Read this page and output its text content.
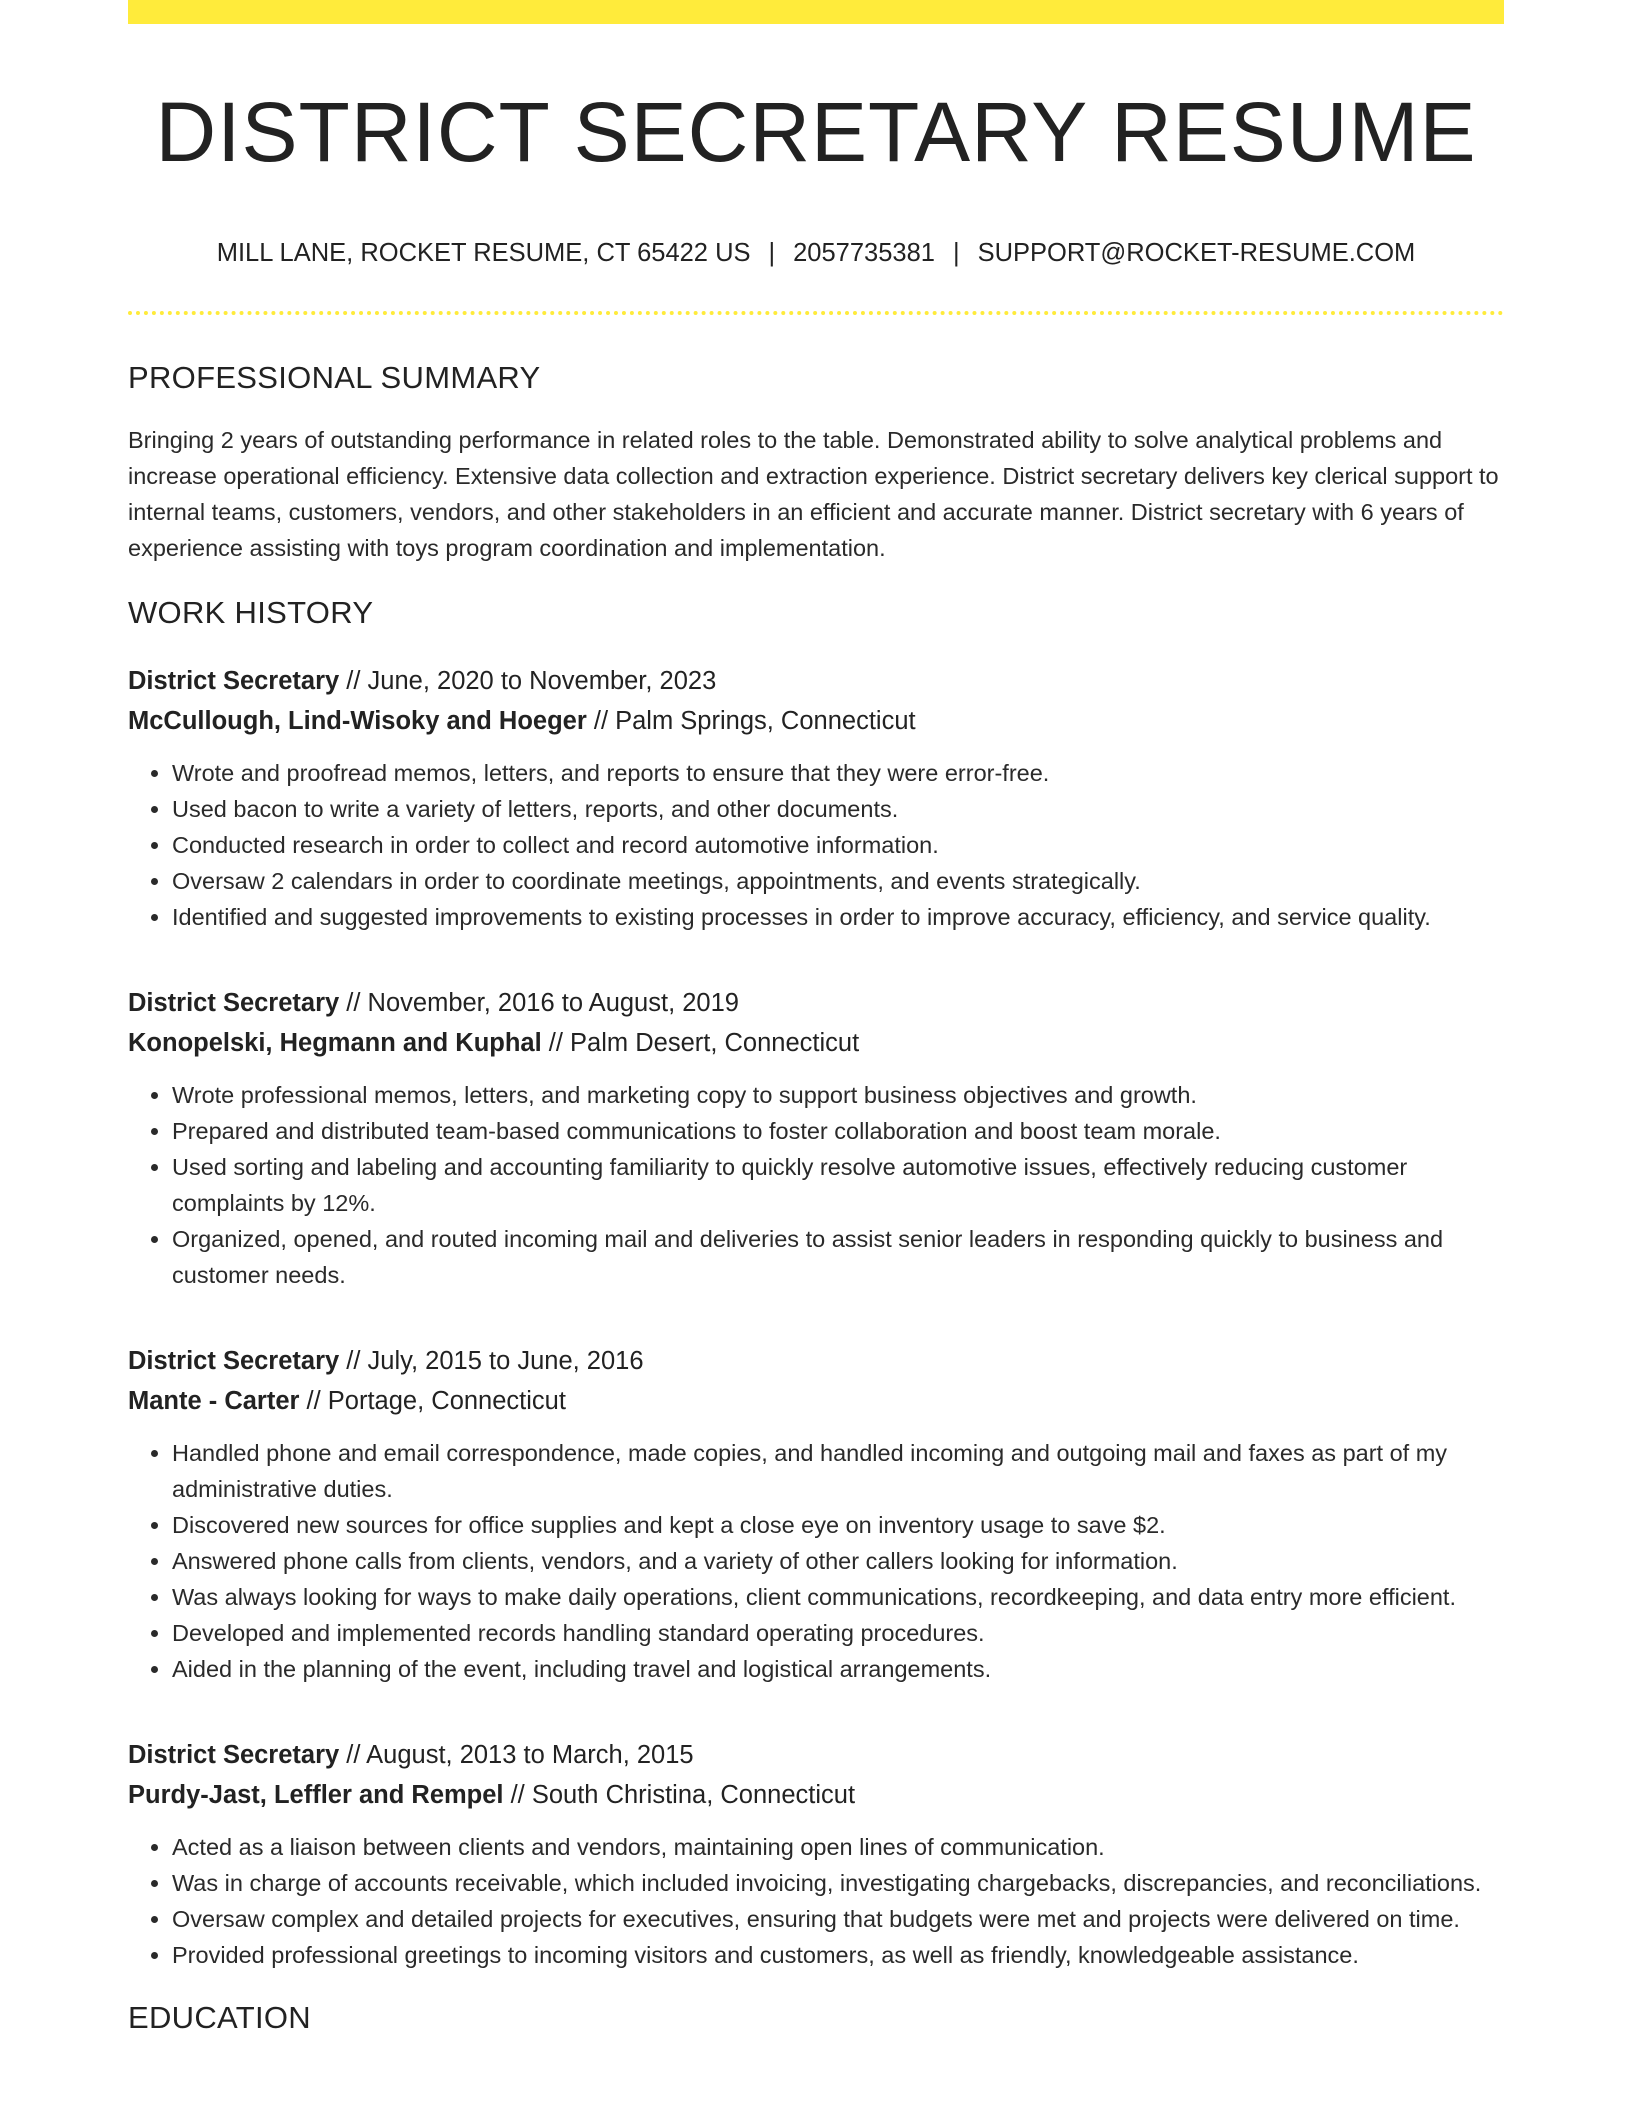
DISTRICT SECRETARY RESUME
MILL LANE, ROCKET RESUME, CT 65422 US | 2057735381 | SUPPORT@ROCKET-RESUME.COM
PROFESSIONAL SUMMARY

Bringing 2 years of outstanding performance in related roles to the table. Demonstrated ability to solve analytical problems and increase operational efficiency. Extensive data collection and extraction experience. District secretary delivers key clerical support to internal teams, customers, vendors, and other stakeholders in an efficient and accurate manner. District secretary with 6 years of experience assisting with toys program coordination and implementation.

WORK HISTORY
District Secretary // June, 2020 to November, 2023
McCullough, Lind-Wisoky and Hoeger // Palm Springs, Connecticut
• Wrote and proofread memos, letters, and reports to ensure that they were error-free.
• Used bacon to write a variety of letters, reports, and other documents.
• Conducted research in order to collect and record automotive information.
• Oversaw 2 calendars in order to coordinate meetings, appointments, and events strategically.
• Identified and suggested improvements to existing processes in order to improve accuracy, efficiency, and service quality.
District Secretary // November, 2016 to August, 2019
Konopelski, Hegmann and Kuphal // Palm Desert, Connecticut
• Wrote professional memos, letters, and marketing copy to support business objectives and growth.
• Prepared and distributed team-based communications to foster collaboration and boost team morale.
• Used sorting and labeling and accounting familiarity to quickly resolve automotive issues, effectively reducing customer complaints by 12%.
• Organized, opened, and routed incoming mail and deliveries to assist senior leaders in responding quickly to business and customer needs.
District Secretary // July, 2015 to June, 2016
Mante - Carter // Portage, Connecticut
• Handled phone and email correspondence, made copies, and handled incoming and outgoing mail and faxes as part of my administrative duties.
• Discovered new sources for office supplies and kept a close eye on inventory usage to save $2.
• Answered phone calls from clients, vendors, and a variety of other callers looking for information.
• Was always looking for ways to make daily operations, client communications, recordkeeping, and data entry more efficient.
• Developed and implemented records handling standard operating procedures.
• Aided in the planning of the event, including travel and logistical arrangements.
District Secretary // August, 2013 to March, 2015
Purdy-Jast, Leffler and Rempel // South Christina, Connecticut
• Acted as a liaison between clients and vendors, maintaining open lines of communication.
• Was in charge of accounts receivable, which included invoicing, investigating chargebacks, discrepancies, and reconciliations.
• Oversaw complex and detailed projects for executives, ensuring that budgets were met and projects were delivered on time.
• Provided professional greetings to incoming visitors and customers, as well as friendly, knowledgeable assistance.
EDUCATION
